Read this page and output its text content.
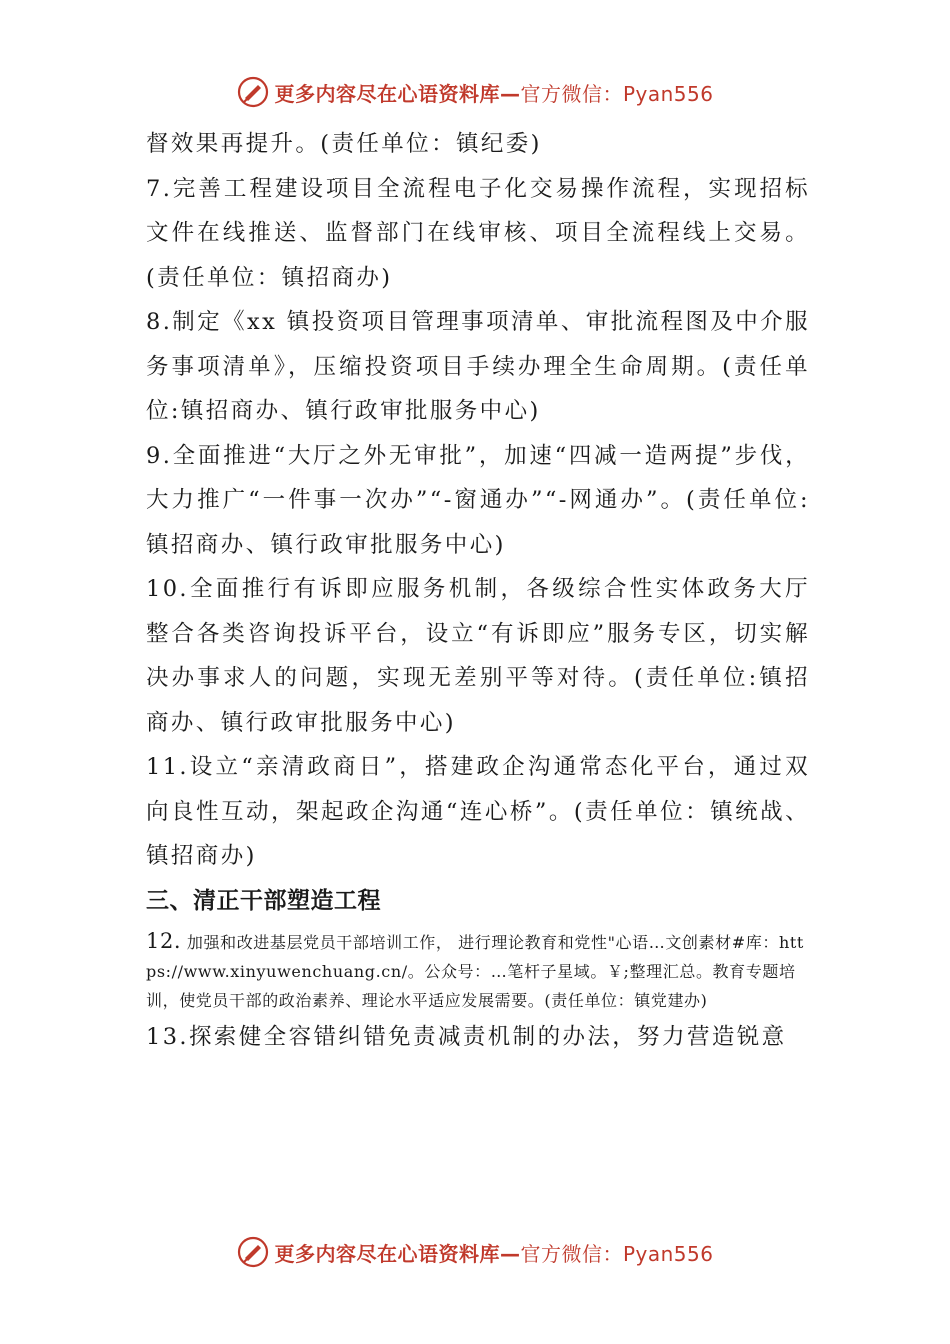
更多内容尽在心语资料库—官方微信：Pyan556

督效果再提升。(责任单位：镇纪委)

7.完善工程建设项目全流程电子化交易操作流程，实现招标文件在线推送、监督部门在线审核、项目全流程线上交易。(责任单位：镇招商办)

8.制定《xx 镇投资项目管理事项清单、审批流程图及中介服务事项清单》，压缩投资项目手续办理全生命周期。(责任单位:镇招商办、镇行政审批服务中心)

9.全面推进“大厅之外无审批”，加速“四减一造两提”步伐，大力推广“一件事一次办”“-窗通办”“-网通办”。(责任单位:镇招商办、镇行政审批服务中心)

10.全面推行有诉即应服务机制，各级综合性实体政务大厅整合各类咨询投诉平台，设立“有诉即应”服务专区，切实解决办事求人的问题，实现无差别平等对待。(责任单位:镇招商办、镇行政审批服务中心)

11.设立“亲清政商日”，搭建政企沟通常态化平台，通过双向良性互动，架起政企沟通“连心桥”。(责任单位：镇统战、镇招商办)

三、清正干部塑造工程

12. 加强和改进基层党员干部培训工作， 进行理论教育和党性"心语…文创素材#库：https://www.xinyuwenchuang.cn/。公众号：…笔杆子星域。￥;整理汇总。教育专题培训，使党员干部的政治素养、理论水平适应发展需要。(责任单位：镇党建办)

13.探索健全容错纠错免责减责机制的办法，努力营造锐意

更多内容尽在心语资料库—官方微信：Pyan556
